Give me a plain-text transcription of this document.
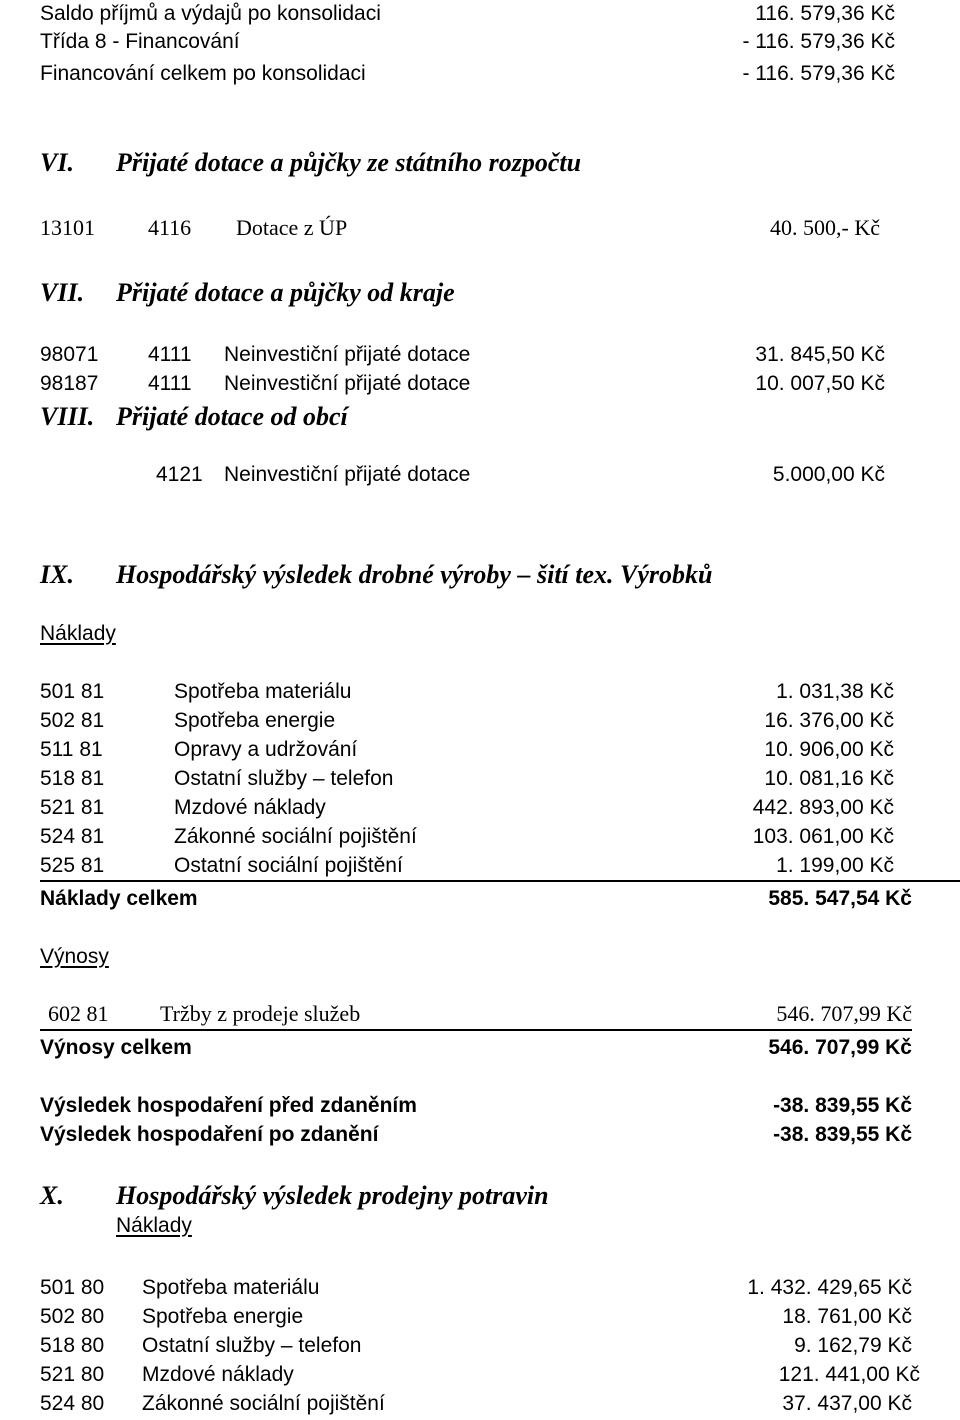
Saldo příjmů a výdajů po konsolidaci	116. 579,36 Kč
Třída 8 - Financování	- 116. 579,36 Kč
Financování celkem po konsolidaci	- 116. 579,36 Kč
VI. Přijaté dotace a půjčky ze státního rozpočtu
13101 4116 Dotace z ÚP	40. 500,- Kč
VII. Přijaté dotace a půjčky od kraje
98071 4111 Neinvestiční přijaté dotace	31. 845,50 Kč
98187 4111 Neinvestiční přijaté dotace	10. 007,50 Kč
VIII. Přijaté dotace od obcí
4121 Neinvestiční přijaté dotace	5.000,00 Kč
IX. Hospodářský výsledek drobné výroby – šití tex. Výrobků
Náklady
501 81	Spotřeba materiálu	1. 031,38 Kč
502 81	Spotřeba energie	16. 376,00 Kč
511 81	Opravy a udržování	10. 906,00 Kč
518 81	Ostatní služby – telefon	10. 081,16 Kč
521 81	Mzdové náklady	442. 893,00 Kč
524 81	Zákonné sociální pojištění	103. 061,00 Kč
525 81	Ostatní sociální pojištění	1. 199,00 Kč
Náklady celkem	585. 547,54 Kč
Výnosy
602 81 Tržby z prodeje služeb	546. 707,99 Kč
Výnosy celkem	546. 707,99 Kč
Výsledek hospodaření před zdaněním	-38. 839,55 Kč
Výsledek hospodaření po zdanění	-38. 839,55 Kč
X. Hospodářský výsledek prodejny potravin
Náklady
501 80 Spotřeba materiálu	1. 432. 429,65 Kč
502 80 Spotřeba energie	18. 761,00 Kč
518 80 Ostatní služby – telefon	9. 162,79 Kč
521 80 Mzdové náklady	121. 441,00 Kč
524 80 Zákonné sociální pojištění	37. 437,00 Kč
